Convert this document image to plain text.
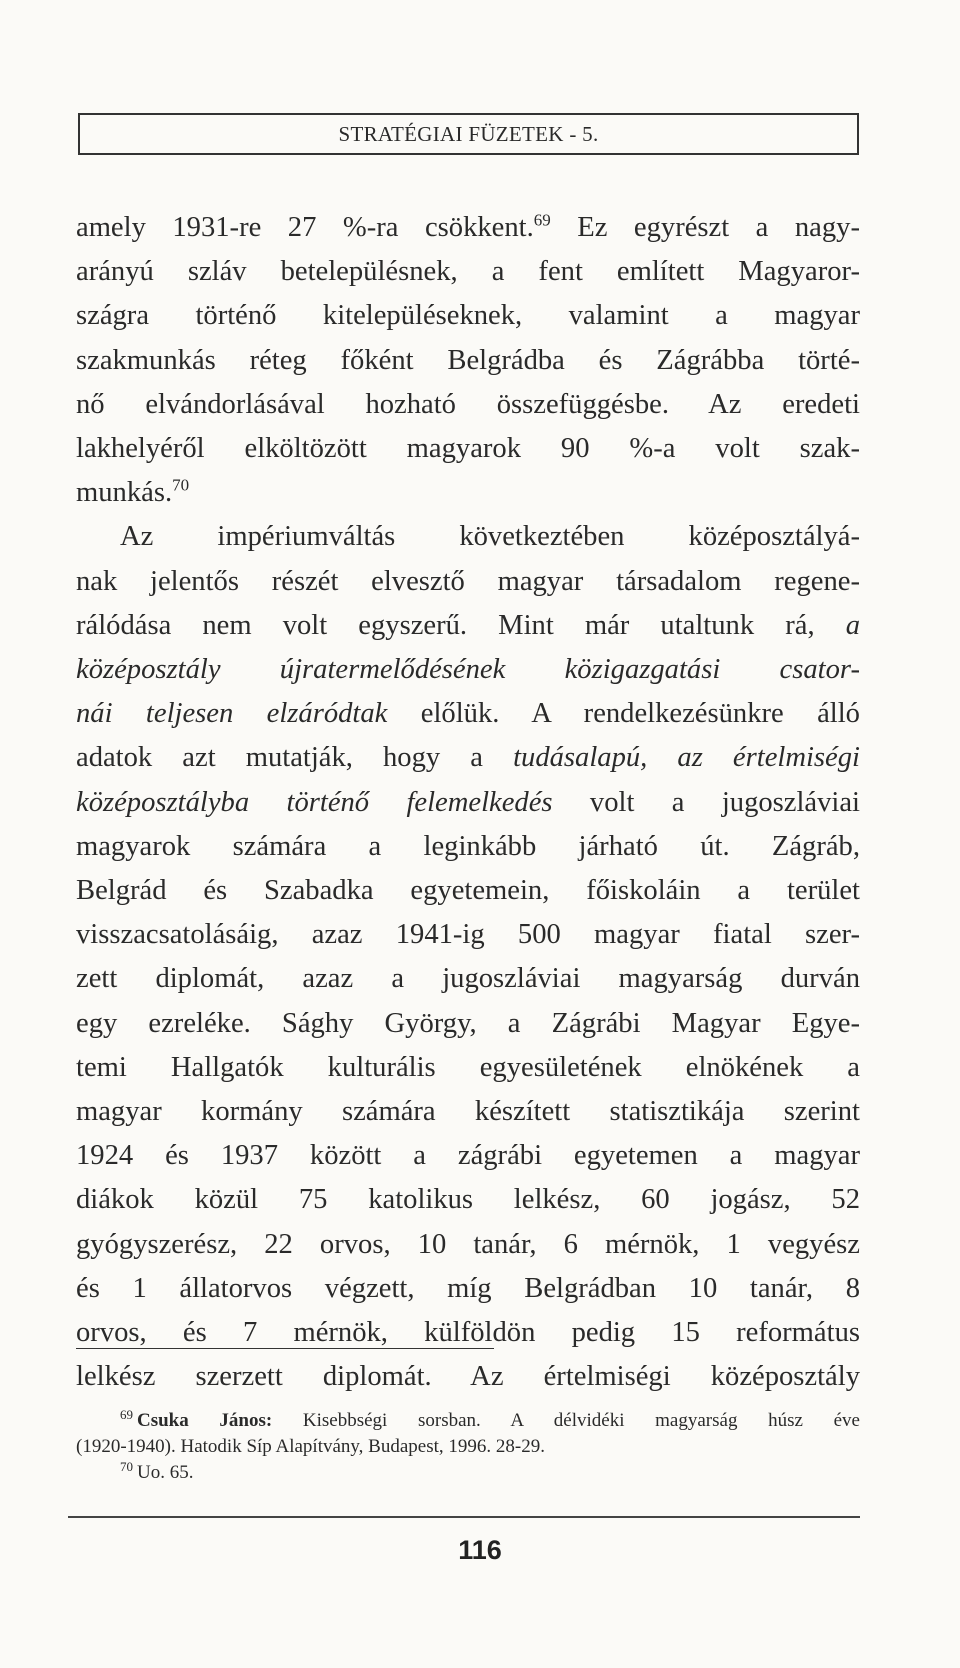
STRATÉGIAI FÜZETEK - 5.
amely 1931-re 27 %-ra csökkent.$^{69}$ Ez egyrészt a nagy-
arányú szláv betelepülésnek, a fent említett Magyaror-
szágra történő kitelepüléseknek, valamint a magyar
szakmunkás réteg főként Belgrádba és Zágrábba törté-
nő elvándorlásával hozható összefüggésbe. Az eredeti
lakhelyéről elköltözött magyarok 90 %-a volt szak-
munkás.$^{70}$
Az impériumváltás következtében középosztályá-
nak jelentős részét elvesztő magyar társadalom regene-
rálódása nem volt egyszerű. Mint már utaltunk rá, a
középosztály újratermelődésének közigazgatási csator-
nái teljesen elzáródtak előlük. A rendelkezésünkre álló
adatok azt mutatják, hogy a tudásalapú, az értelmiségi
középosztályba történő felemelkedés volt a jugoszláviai
magyarok számára a leginkább járható út. Zágráb,
Belgrád és Szabadka egyetemein, főiskoláin a terület
visszacsatolásáig, azaz 1941-ig 500 magyar fiatal szer-
zett diplomát, azaz a jugoszláviai magyarság durván
egy ezreléke. Sághy György, a Zágrábi Magyar Egye-
temi Hallgatók kulturális egyesületének elnökének a
magyar kormány számára készített statisztikája szerint
1924 és 1937 között a zágrábi egyetemen a magyar
diákok közül 75 katolikus lelkész, 60 jogász, 52
gyógyszerész, 22 orvos, 10 tanár, 6 mérnök, 1 vegyész
és 1 állatorvos végzett, míg Belgrádban 10 tanár, 8
orvos, és 7 mérnök, külföldön pedig 15 református
lelkész szerzett diplomát. Az értelmiségi középosztály
$^{69}$ Csuka János: Kisebbségi sorsban. A délvidéki magyarság húsz éve
(1920-1940). Hatodik Síp Alapítvány, Budapest, 1996. 28-29.
$^{70}$ Uo. 65.
116
